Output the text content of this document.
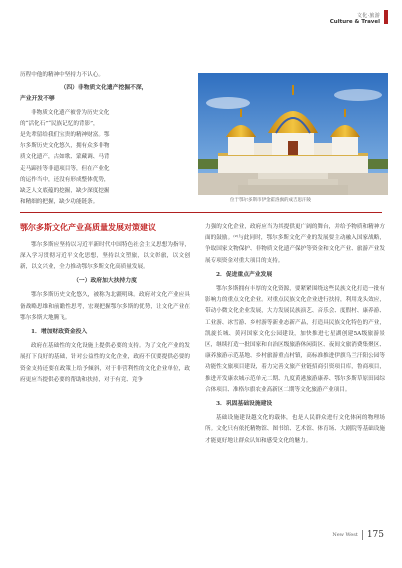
文化·旅游
Culture & Travel

历程中他的精神中坚持力不认心。

（四）非物质文化遗产挖掘不深，
产业开发不够

非物质文化遗产被誉为历史文化

的“活化石”“民族记忆的背影”，

是先辈留给我们宝贵的精神财富。鄂

尔多斯历史文化悠久，拥有众多非物

质文化遗产，古如歌、蒙藏调、马背

走马蹄挂等非遗项目等，但在产业化

的运作当中，还没有形成整体优势，

缺乏人文底蕴的挖掘，缺少深度挖掘

和精细的把握，缺少功能链条。	位于鄂尔多斯市伊金霍洛旗的成吉思汗陵
鄂尔多斯文化产业高质量发展对策建议

鄂尔多斯应坚持以习近平新时代中国特色社会主义思想为指导，深入学习贯彻习近平文化思想，坚持以文塑旅，以文彰旅，以文创新，以文兴业，全力推动鄂尔多斯文化高质量发展。

（一）政府加大扶持力度

鄂尔多斯历史文化悠久，被称为北疆明珠。政府对文化产业应具备战略思维和前瞻性思考，宏观把握鄂尔多斯的优势，让文化产业在鄂尔多斯大地腾飞。

1．增加财政资金投入

政府在基础性的文化设施上提供必要的支持。为了文化产业的发展打下良好的基础，针对公益性的文化企业，政府不仅要提供必要的资金支持还要在政策上给予倾斜，对于非营利性的文化企业单位，政府更应当提供必要的帮助和扶持，对于有竞、竞争

力强的文化企业，政府应当为其提供更广阔的舞台，并给予物质和精神方面的鼓励。⁽²⁾与此同时，鄂尔多斯文化产业的发展要主动融入国家战略，争取国家文物保护、非物质文化遗产保护等资金和文化产业、旅游产业发展专项资金对重大项目的支持。

2．促进重点产业发展

鄂尔多斯拥有丰厚的文化资源，要紧紧围绕这些民族文化打造一批有影响力的重点文化企业。对重点民族文化企业进行扶持，利用龙头效应，带动小微文化企业发展，大力发展民族演艺、音乐会、度假村、康养游、工业游、冰雪游、乡村游等新业态新产品，打造具民族文化特色的产业，凯旋长城、黄河国家文化公园建设，加快推进七星湖创建5A级旅游景区，继续打造一批国家和自治区级旅游休闲街区、夜间文旅消费集聚区、康养旅游示范基地、乡村旅游重点村镇，高标准推进伊旗乌兰汗阳公园等功能性文旅项目建设，着力完善文旅产业链招商引资项目库，鲁商项目，推进开发康农城示范单元二期、九度黄港旅游康养、鄂尔多斯草原田园综合体项目、准格尔旗农业高新区二期等文化旅游产业项目。

3．巩固基础设施建设

基础设施建设越文化的载体，也是人民群众进行文化体闲的物理场所。文化只有依托精物馆、图书馆、艺术馆、体育场、大剧院等基础设施才能更好地让群众认知和感受文化的魅力。

New West 175
